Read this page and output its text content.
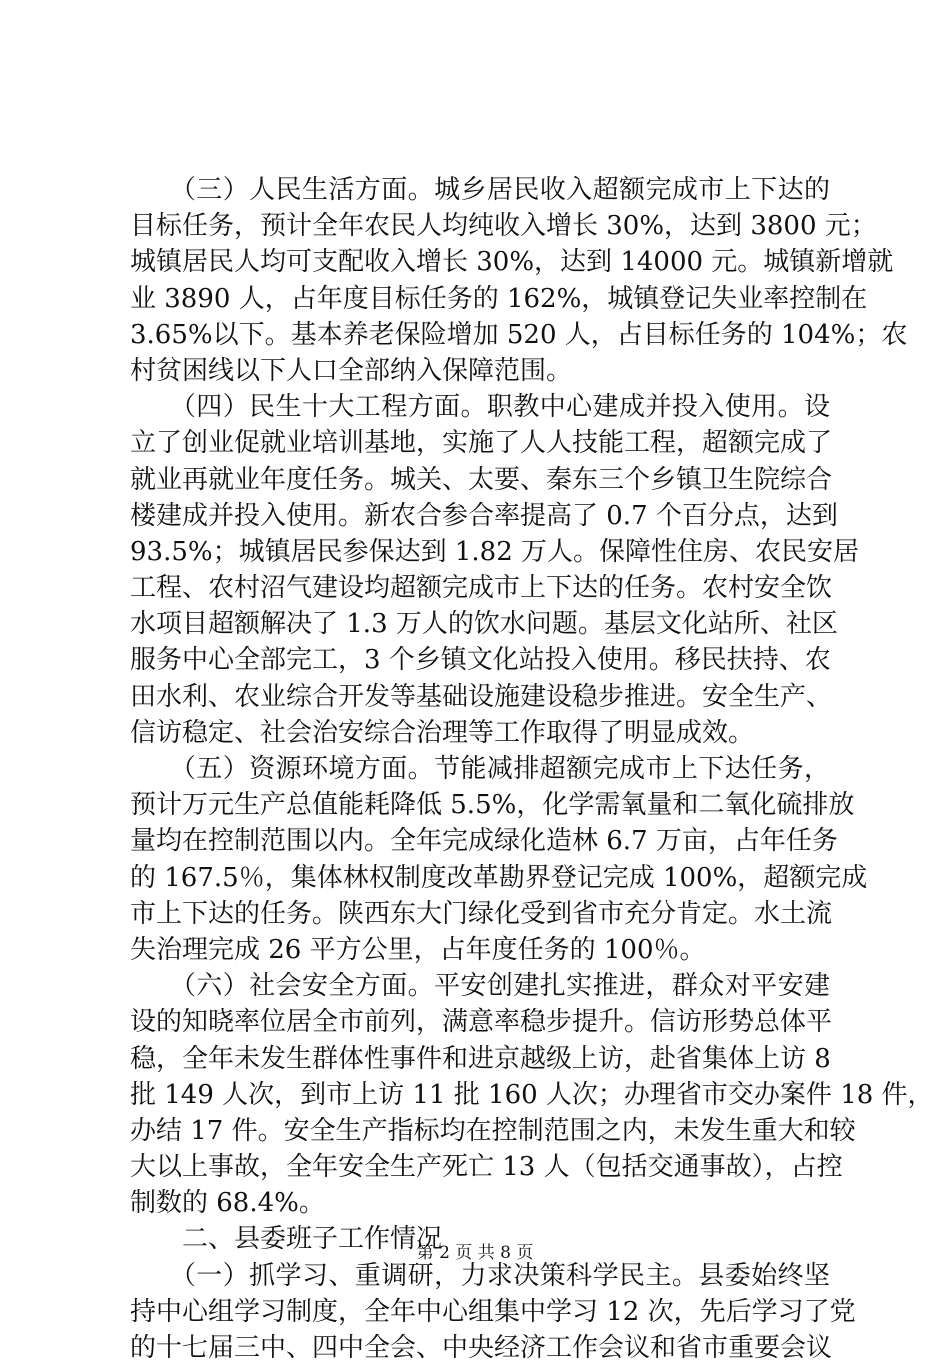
　　（三）人民生活方面。城乡居民收入超额完成市上下达的
目标任务，预计全年农民人均纯收入增长 30%，达到 3800 元；
城镇居民人均可支配收入增长 30%，达到 14000 元。城镇新增就
业 3890 人，占年度目标任务的 162%，城镇登记失业率控制在
3.65%以下。基本养老保险增加 520 人，占目标任务的 104%；农
村贫困线以下人口全部纳入保障范围。
　　（四）民生十大工程方面。职教中心建成并投入使用。设
立了创业促就业培训基地，实施了人人技能工程，超额完成了
就业再就业年度任务。城关、太要、秦东三个乡镇卫生院综合
楼建成并投入使用。新农合参合率提高了 0.7 个百分点，达到
93.5%；城镇居民参保达到 1.82 万人。保障性住房、农民安居
工程、农村沼气建设均超额完成市上下达的任务。农村安全饮
水项目超额解决了 1.3 万人的饮水问题。基层文化站所、社区
服务中心全部完工，3 个乡镇文化站投入使用。移民扶持、农
田水利、农业综合开发等基础设施建设稳步推进。安全生产、
信访稳定、社会治安综合治理等工作取得了明显成效。
　　（五）资源环境方面。节能减排超额完成市上下达任务，
预计万元生产总值能耗降低 5.5%，化学需氧量和二氧化硫排放
量均在控制范围以内。全年完成绿化造林 6.7 万亩，占年任务
的 167.5％，集体林权制度改革勘界登记完成 100%，超额完成
市上下达的任务。陕西东大门绿化受到省市充分肯定。水土流
失治理完成 26 平方公里，占年度任务的 100％。
　　（六）社会安全方面。平安创建扎实推进，群众对平安建
设的知晓率位居全市前列，满意率稳步提升。信访形势总体平
稳，全年未发生群体性事件和进京越级上访，赴省集体上访 8
批 149 人次，到市上访 11 批 160 人次；办理省市交办案件 18 件，
办结 17 件。安全生产指标均在控制范围之内，未发生重大和较
大以上事故，全年安全生产死亡 13 人（包括交通事故），占控
制数的 68.4%。
　　二、县委班子工作情况
　　（一）抓学习、重调研，力求决策科学民主。县委始终坚
持中心组学习制度，全年中心组集中学习 12 次，先后学习了党
的十七届三中、四中全会、中央经济工作会议和省市重要会议
第 2 页 共 8 页
